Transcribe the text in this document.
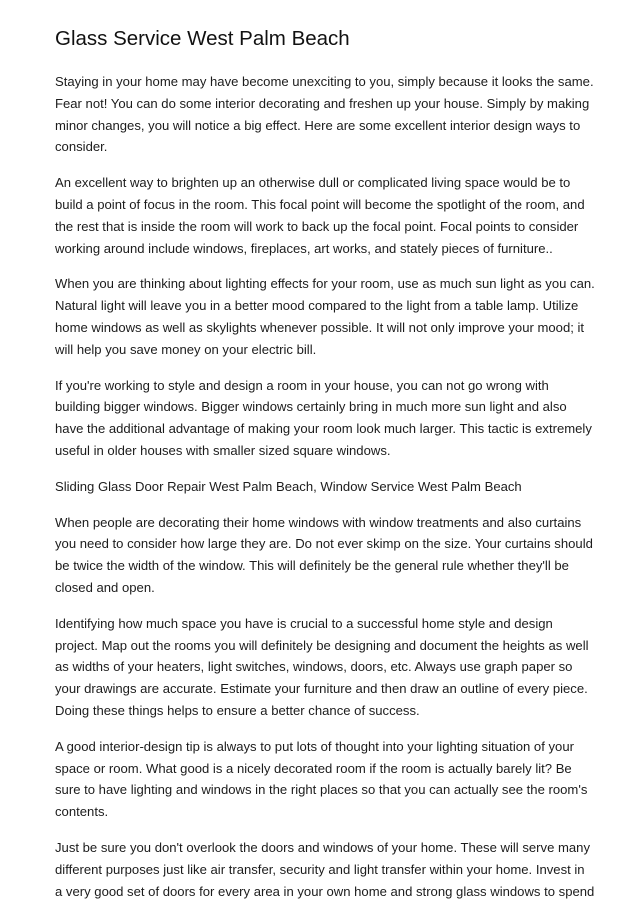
Glass Service West Palm Beach
Staying in your home may have become unexciting to you, simply because it looks the same.
Fear not! You can do some interior decorating and freshen up your house. Simply by making
minor changes, you will notice a big effect. Here are some excellent interior design ways to
consider.
An excellent way to brighten up an otherwise dull or complicated living space would be to
build a point of focus in the room. This focal point will become the spotlight of the room, and
the rest that is inside the room will work to back up the focal point. Focal points to consider
working around include windows, fireplaces, art works, and stately pieces of furniture..
When you are thinking about lighting effects for your room, use as much sun light as you can.
Natural light will leave you in a better mood compared to the light from a table lamp. Utilize
home windows as well as skylights whenever possible. It will not only improve your mood; it
will help you save money on your electric bill.
If you're working to style and design a room in your house, you can not go wrong with
building bigger windows. Bigger windows certainly bring in much more sun light and also
have the additional advantage of making your room look much larger. This tactic is extremely
useful in older houses with smaller sized square windows.
Sliding Glass Door Repair West Palm Beach, Window Service West Palm Beach
When people are decorating their home windows with window treatments and also curtains
you need to consider how large they are. Do not ever skimp on the size. Your curtains should
be twice the width of the window. This will definitely be the general rule whether they'll be
closed and open.
Identifying how much space you have is crucial to a successful home style and design
project. Map out the rooms you will definitely be designing and document the heights as well
as widths of your heaters, light switches, windows, doors, etc. Always use graph paper so
your drawings are accurate. Estimate your furniture and then draw an outline of every piece.
Doing these things helps to ensure a better chance of success.
A good interior-design tip is always to put lots of thought into your lighting situation of your
space or room. What good is a nicely decorated room if the room is actually barely lit? Be
sure to have lighting and windows in the right places so that you can actually see the room's
contents.
Just be sure you don't overlook the doors and windows of your home. These will serve many
different purposes just like air transfer, security and light transfer within your home. Invest in
a very good set of doors for every area in your own home and strong glass windows to spend
